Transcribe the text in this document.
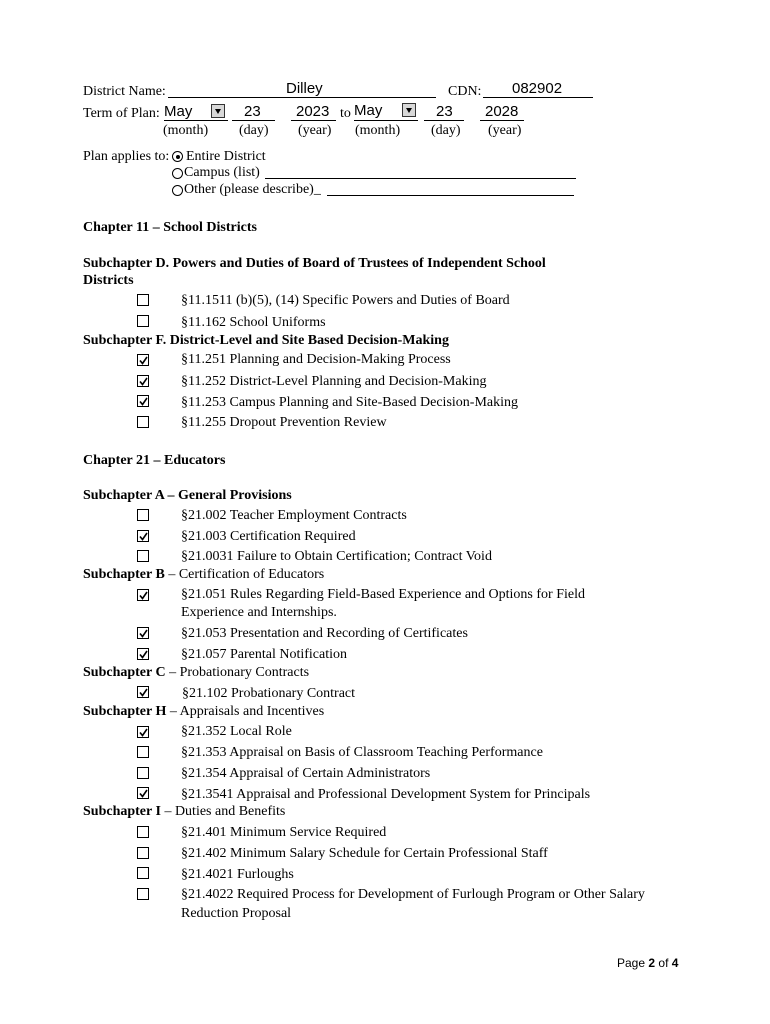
District Name:	Dilley	CDN: 082902
Term of Plan: May	23 2023 to May	23 2028
(month) (day) (year) (month) (day) (year)
Plan applies to: Entire District
Campus (list)
Other (please describe)_
Chapter 11 – School Districts
Subchapter D. Powers and Duties of Board of Trustees of Independent School
Districts
§11.1511 (b)(5), (14) Specific Powers and Duties of Board
§11.162 School Uniforms
Subchapter F. District-Level and Site Based Decision-Making
§11.251 Planning and Decision-Making Process
§11.252 District-Level Planning and Decision-Making
§11.253 Campus Planning and Site-Based Decision-Making
§11.255 Dropout Prevention Review
Chapter 21 – Educators
Subchapter A – General Provisions
§21.002 Teacher Employment Contracts
§21.003 Certification Required
§21.0031 Failure to Obtain Certification; Contract Void
Subchapter B – Certification of Educators
§21.051 Rules Regarding Field-Based Experience and Options for Field
Experience and Internships.
§21.053 Presentation and Recording of Certificates
§21.057 Parental Notification
Subchapter C – Probationary Contracts
§21.102 Probationary Contract
Subchapter H – Appraisals and Incentives
§21.352 Local Role
§21.353 Appraisal on Basis of Classroom Teaching Performance
§21.354 Appraisal of Certain Administrators
§21.3541 Appraisal and Professional Development System for Principals
Subchapter I – Duties and Benefits
§21.401 Minimum Service Required
§21.402 Minimum Salary Schedule for Certain Professional Staff
§21.4021 Furloughs
§21.4022 Required Process for Development of Furlough Program or Other Salary
Reduction Proposal
Page 2 of 4
